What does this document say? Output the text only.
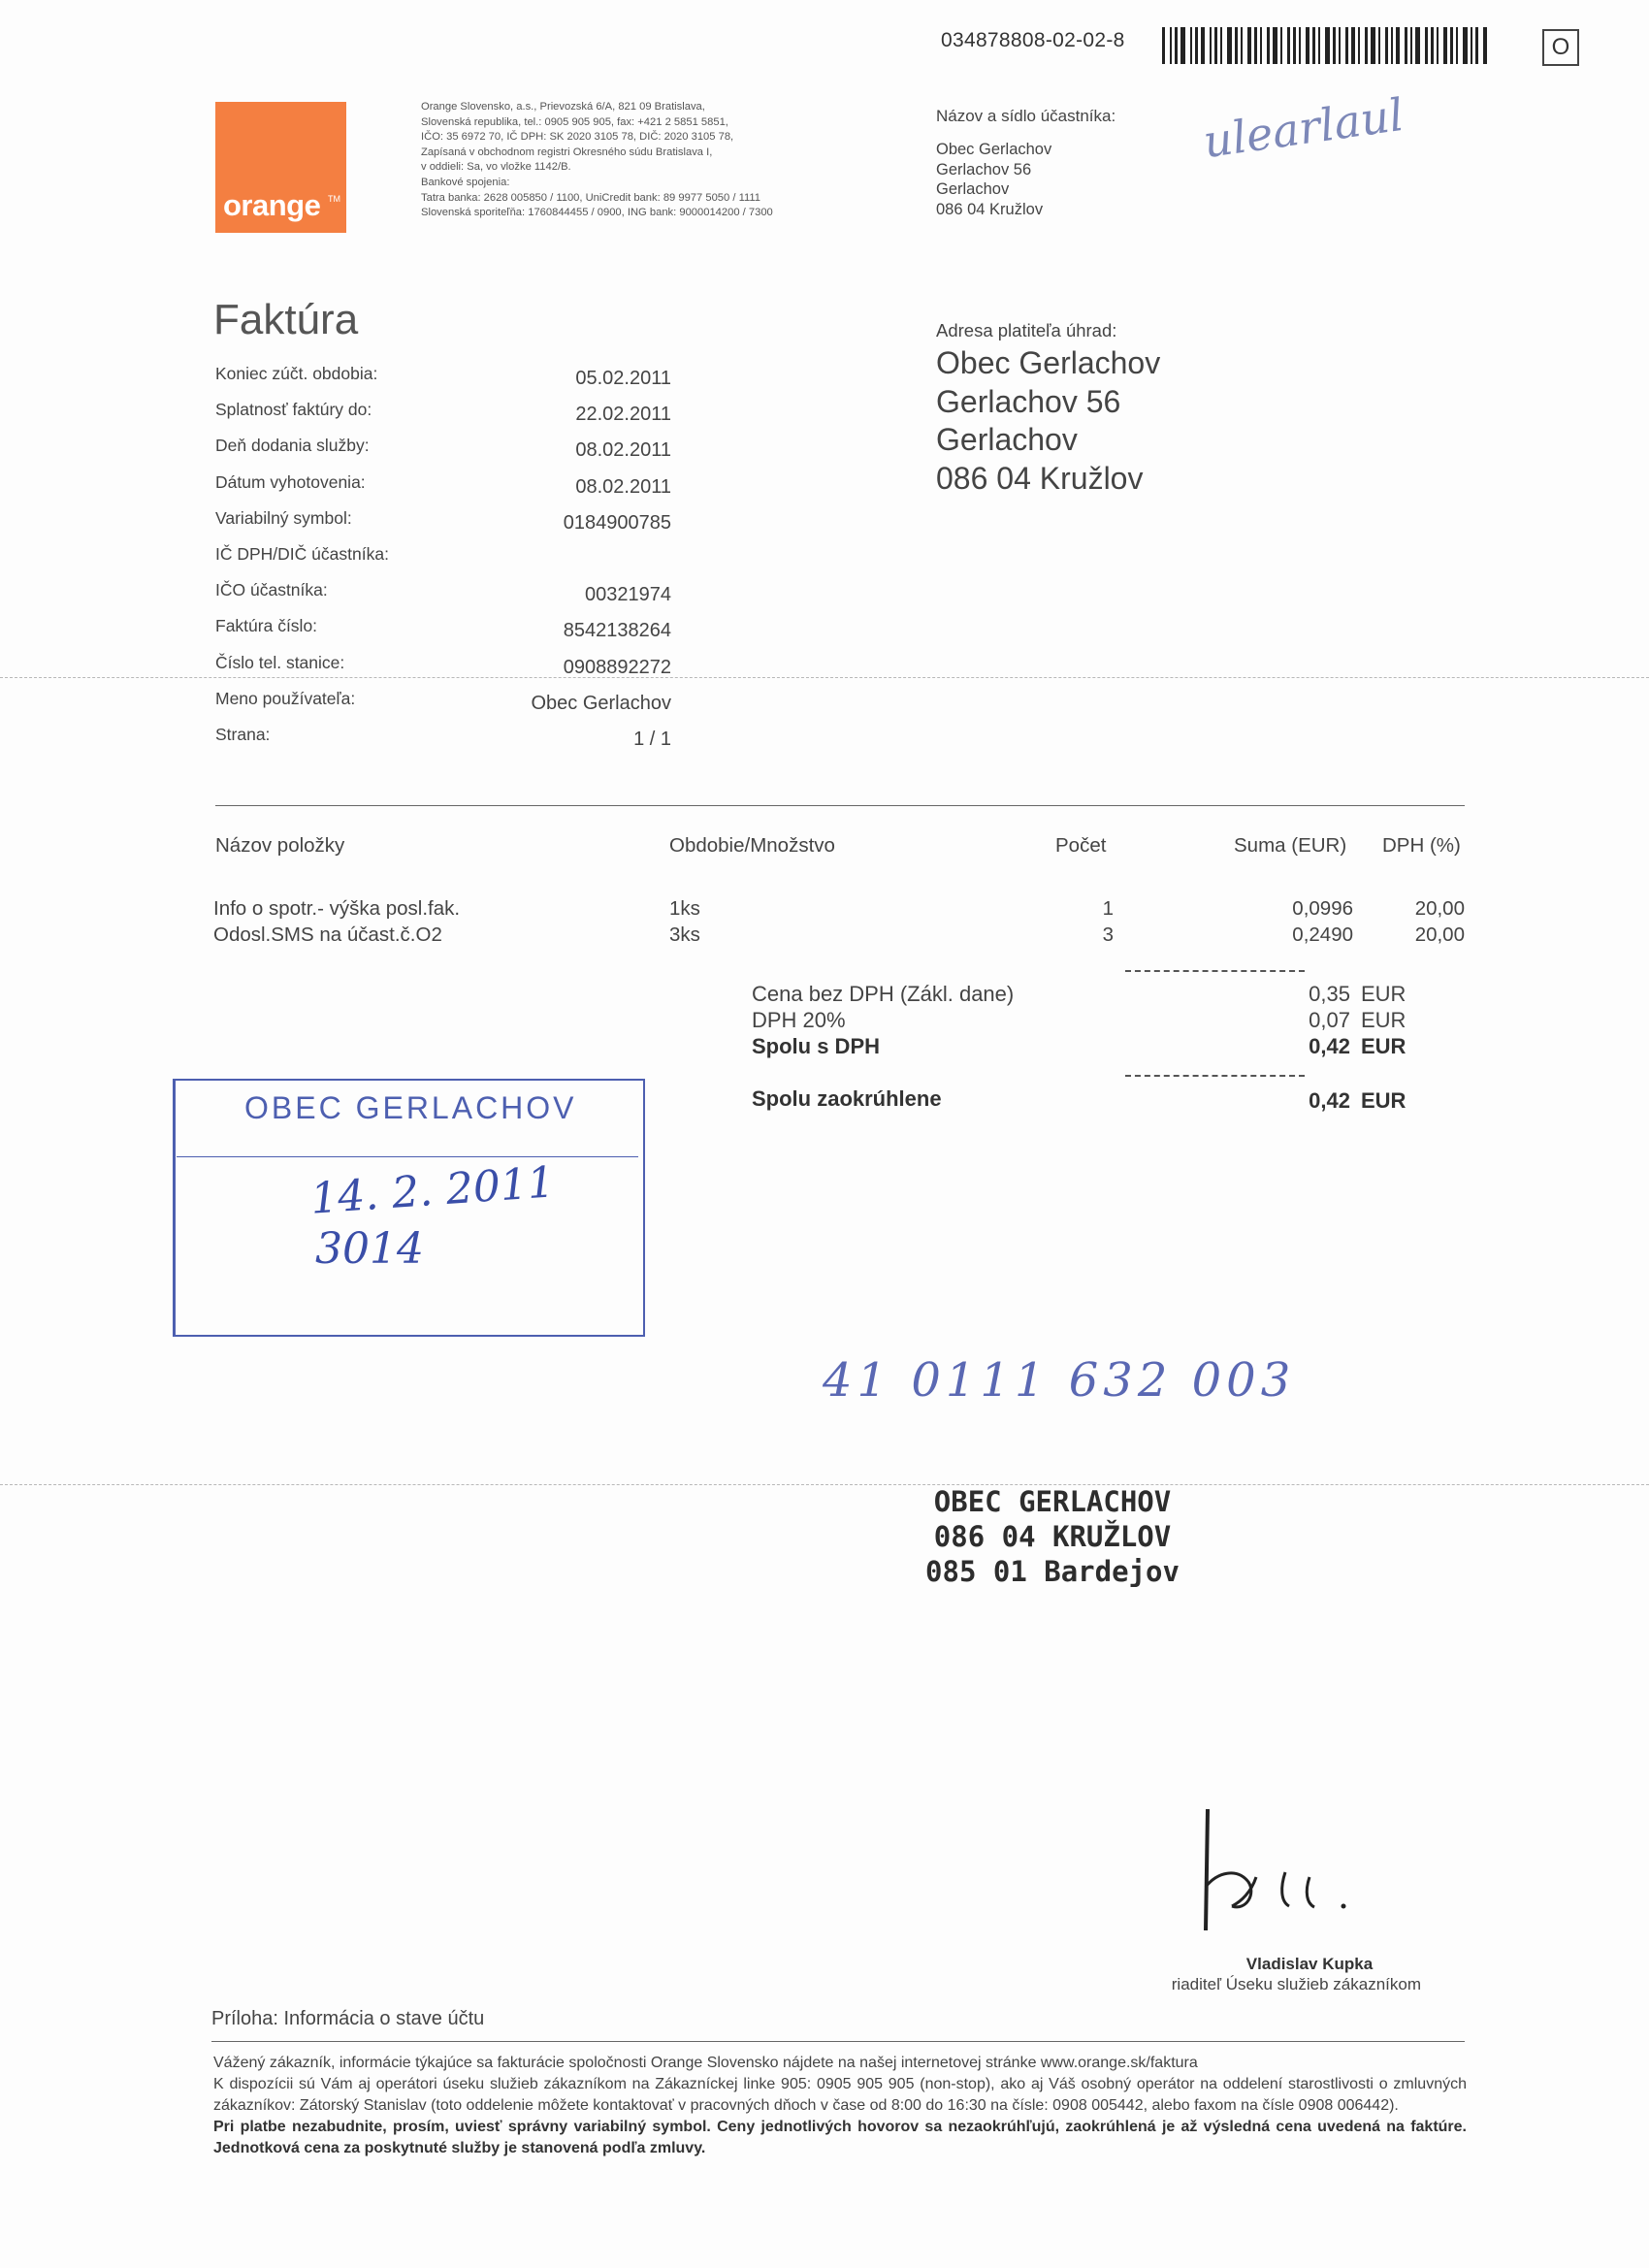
034878808-02-02-8	O
orange TM
Orange Slovensko, a.s., Prievozská 6/A, 821 09 Bratislava,
Slovenská republika, tel.: 0905 905 905, fax: +421 2 5851 5851,
IČO: 35 6972 70, IČ DPH: SK 2020 3105 78, DIČ: 2020 3105 78,
Zapísaná v obchodnom registri Okresného súdu Bratislava I,
v oddieli: Sa, vo vložke 1142/B.
Bankové spojenia:
Tatra banka: 2628 005850 / 1100, UniCredit bank: 89 9977 5050 / 1111
Slovenská sporiteľňa: 1760844455 / 0900, ING bank: 9000014200 / 7300
Názov a sídlo účastníka:
Obec Gerlachov
Gerlachov 56
Gerlachov
086 04 Kružlov
ulearlaul
Faktúra
Koniec zúčt. obdobia:	05.02.2011
Splatnosť faktúry do:	22.02.2011
Deň dodania služby:	08.02.2011
Dátum vyhotovenia:	08.02.2011
Variabilný symbol:	0184900785
IČ DPH/DIČ účastníka:
IČO účastníka:	00321974
Faktúra číslo:	8542138264
Číslo tel. stanice:	0908892272
Meno používateľa:	Obec Gerlachov
Strana:	1 / 1
Adresa platiteľa úhrad:
Obec Gerlachov
Gerlachov 56
Gerlachov
086 04 Kružlov
Názov položky	Obdobie/Množstvo	Počet	Suma (EUR) DPH (%)
Info o spotr.- výška posl.fak.	1ks	1	0,0996	20,00
Odosl.SMS na účast.č.O2	3ks	3	0,2490	20,00
Cena bez DPH (Zákl. dane)	0,35 EUR
DPH 20%	0,07 EUR
Spolu s DPH	0,42 EUR
Spolu zaokrúhlene	0,42 EUR
OBEC GERLACHOV
14. 2. 2011
3014
41 0111 632 003
OBEC GERLACHOV
086 04 KRUŽLOV
085 01 Bardejov
Vladislav Kupka
riaditeľ Úseku služieb zákazníkom
Príloha: Informácia o stave účtu

Vážený zákazník, informácie týkajúce sa fakturácie spoločnosti Orange Slovensko nájdete na našej internetovej stránke www.orange.sk/faktura

K dispozícii sú Vám aj operátori úseku služieb zákazníkom na Zákazníckej linke 905: 0905 905 905 (non-stop), ako aj Váš osobný operátor na oddelení starostlivosti o zmluvných zákazníkov: Zátorský Stanislav (toto oddelenie môžete kontaktovať v pracovných dňoch v čase od 8:00 do 16:30 na čísle: 0908 005442, alebo faxom na čísle 0908 006442).

Pri platbe nezabudnite, prosím, uviesť správny variabilný symbol. Ceny jednotlivých hovorov sa nezaokrúhľujú, zaokrúhlená je až výsledná cena uvedená na faktúre. Jednotková cena za poskytnuté služby je stanovená podľa zmluvy.
